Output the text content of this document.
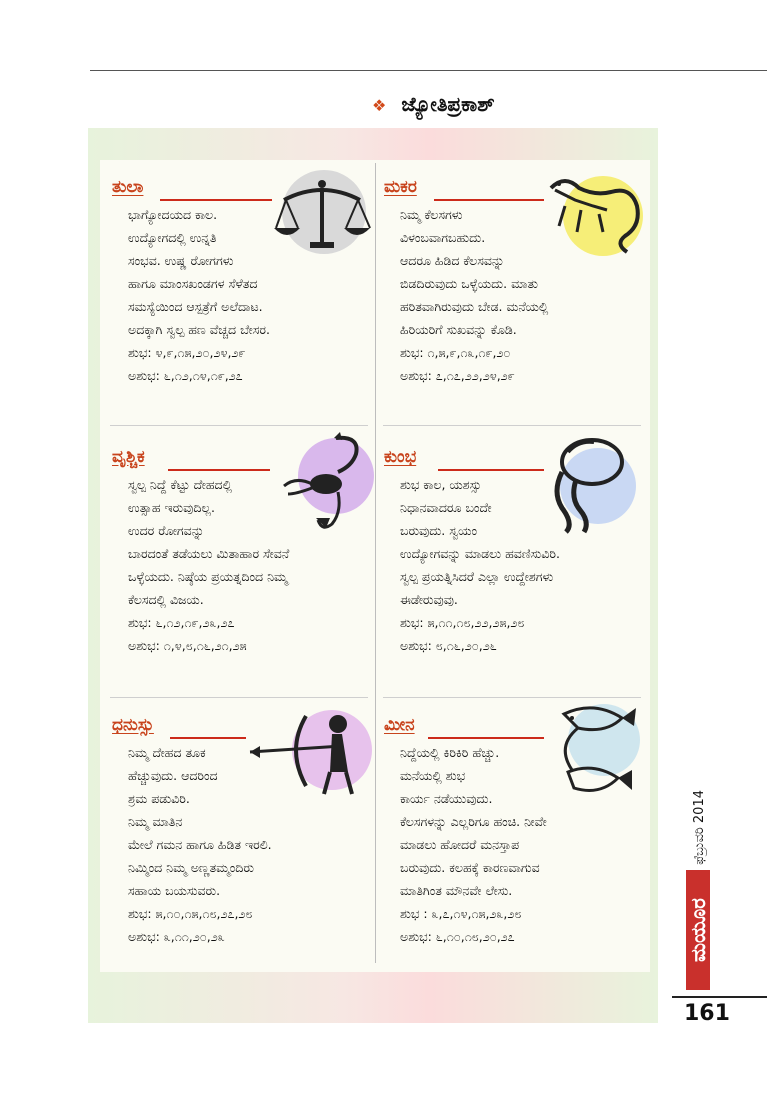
❖ ಜ್ಯೋತಿಪ್ರಕಾಶ್
ತುಲಾ
ಭಾಗ್ಯೋದಯದ ಕಾಲ.
ಉದ್ಯೋಗದಲ್ಲಿ ಉನ್ನತಿ
ಸಂಭವ. ಉಷ್ಣ ರೋಗಗಳು
ಹಾಗೂ ಮಾಂಸಖಂಡಗಳ ಸೆಳೆತದ
ಸಮಸ್ಯೆಯಿಂದ ಆಸ್ಪತ್ರೆಗೆ ಅಲೆದಾಟ.
ಅದಕ್ಕಾಗಿ ಸ್ವಲ್ಪ ಹಣ ವೆಚ್ಚದ ಬೇಸರ.
ಶುಭ: ೪,೯,೧೫,೨೦,೨೪,೨೯
ಅಶುಭ: ೬,೧೨,೧೪,೧೯,೨೭
ಮಕರ
ನಿಮ್ಮ ಕೆಲಸಗಳು
ವಿಳಂಬವಾಗಬಹುದು.
ಆದರೂ ಹಿಡಿದ ಕೆಲಸವನ್ನು
ಬಿಡದಿರುವುದು ಒಳ್ಳೆಯದು. ಮಾತು
ಹರಿತವಾಗಿರುವುದು ಬೇಡ. ಮನೆಯಲ್ಲಿ
ಹಿರಿಯರಿಗೆ ಸುಖವನ್ನು ಕೊಡಿ.
ಶುಭ: ೧,೫,೯,೧೩,೧೯,೨೦
ಅಶುಭ: ೭,೧೭,೨೨,೨೪,೨೯
ವೃಶ್ಚಿಕ
ಸ್ವಲ್ಪ ನಿದ್ದೆ ಕೆಟ್ಟು ದೇಹದಲ್ಲಿ
ಉತ್ಸಾಹ ಇರುವುದಿಲ್ಲ.
ಉದರ ರೋಗವನ್ನು
ಬಾರದಂತೆ ತಡೆಯಲು ಮಿತಾಹಾರ ಸೇವನೆ
ಒಳ್ಳೆಯದು. ನಿಷ್ಠೆಯ ಪ್ರಯತ್ನದಿಂದ ನಿಮ್ಮ
ಕೆಲಸದಲ್ಲಿ ವಿಜಯ.
ಶುಭ: ೬,೧೨,೧೯,೨೩,೨೭
ಅಶುಭ: ೧,೪,೮,೧೬,೨೧,೨೫
ಕುಂಭ
ಶುಭ ಕಾಲ, ಯಶಸ್ಸು
ನಿಧಾನವಾದರೂ ಬಂದೇ
ಬರುವುದು. ಸ್ವಯಂ
ಉದ್ಯೋಗವನ್ನು ಮಾಡಲು ಹವಣಿಸುವಿರಿ.
ಸ್ವಲ್ಪ ಪ್ರಯತ್ನಿಸಿದರೆ ಎಲ್ಲಾ ಉದ್ದೇಶಗಳು
ಈಡೇರುವುವು.
ಶುಭ: ೫,೧೧,೧೮,೨೨,೨೫,೨೮
ಅಶುಭ: ೮,೧೬,೨೦,೨೬
ಧನುಸ್ಸು
ನಿಮ್ಮ ದೇಹದ ತೂಕ
ಹೆಚ್ಚುವುದು. ಆದರಿಂದ
ಶ್ರಮ ಪಡುವಿರಿ.
ನಿಮ್ಮ ಮಾತಿನ
ಮೇಲೆ ಗಮನ ಹಾಗೂ ಹಿಡಿತ ಇರಲಿ.
ನಿಮ್ಮಿಂದ ನಿಮ್ಮ ಅಣ್ಣತಮ್ಮಂದಿರು
ಸಹಾಯ ಬಯಸುವರು.
ಶುಭ: ೫,೧೦,೧೫,೧೮,೨೭,೨೮
ಅಶುಭ: ೩,೧೧,೨೦,೨೩
ಮೀನ
ನಿದ್ದೆಯಲ್ಲಿ ಕಿರಿಕಿರಿ ಹೆಚ್ಚು.
ಮನೆಯಲ್ಲಿ ಶುಭ
ಕಾರ್ಯ ನಡೆಯುವುದು.
ಕೆಲಸಗಳನ್ನು ಎಲ್ಲರಿಗೂ ಹಂಚಿ. ನೀವೇ
ಮಾಡಲು ಹೋದರೆ ಮನಸ್ತಾಪ
ಬರುವುದು. ಕಲಹಕ್ಕೆ ಕಾರಣವಾಗುವ
ಮಾತಿಗಿಂತ ಮೌನವೇ ಲೇಸು.
ಶುಭ : ೩,೭,೧೪,೧೫,೨೩,೨೮
ಅಶುಭ: ೬,೧೦,೧೮,೨೦,೨೭
ಫೆಬ್ರುವರಿ 2014
ಮಯೂರ
161
